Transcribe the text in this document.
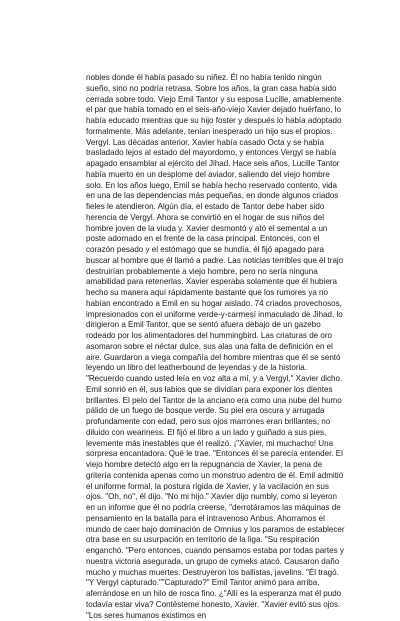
nobles donde él había pasado su niñez. Él no había tenido ningún sueño, sino no podría retrasa. Sobre los años, la gran casa había sido cerrada sobre todo. Viejo Emil Tantor y su esposa Lucille, amablemente el par que había tomado en el seis-año-viejo Xavier dejado huérfano, lo había educado mientras que su hijo foster y después lo había adoptado formalmente. Más adelante, tenían inesperado un hijo sus el propios. Vergyl. Las décadas anterior, Xavier había casado Octa y se había trasladado lejos al estado del mayordomo, y entonces Vergyl se había apagado ensamblar al ejército del Jihad. Hace seis años, Lucille Tantor había muerto en un desplome del aviador, saliendo del viejo hombre solo. En los años luego, Emil se había hecho reservado contento, vida en una de las dependencias más pequeñas, en donde algunos criados fieles le atendieron. Algún día, el estado de Tantor debe haber sido herencia de Vergyl. Ahora se convirtió en el hogar de sus niños del hombre joven de la viuda y. Xavier desmontó y ató el semental a un poste adornado en el frente de la casa principal. Entonces, con el corazón pesado y el estómago que se hundía, él fijó apagado para buscar al hombre que él llamó a padre. Las noticias terribles que él trajo destruirían probablemente a viejo hombre, pero no sería ninguna amabilidad para retenerlas. Xavier esperaba solamente que él hubiera hecho su manera aquí rápidamente bastante que los rumores ya no habían encontrado a Emil en su hogar aislado. 74 criados provechosos, impresionados con el uniforme verde-y-carmesí inmaculado de Jihad, lo dirigieron a Emil Tantor, que se sentó afuera debajo de un gazebo rodeado por los alimentadores del hummingbird. Las criaturas de oro asomaron sobre el néctar dulce, sus alas una falta de definición en el aire. Guardaron a viega compañía del hombre mientras que él se sentó leyendo un libro del leatherbound de leyendas y de la historia. "Recuerdo cuando usted leía en voz alta a mí, y a Vergyl," Xavier dicho. Emil sonrió en él, sus labios que se dividían para exponer los dientes brillantes. El pelo del Tantor de la anciano era como una nube del humo pálido de un fuego de bosque verde. Su piel era oscura y arrugada profundamente con edad, pero sus ojos marrones eran brillantes, no diluido con weariness. El fijó el libro a un lado y guiñado a sus pies, levemente más inestables que él realizó. ¡"Xavier, mi muchacho! Una sorpresa encantadora. Qué le trae. "Entonces él se parecía entender. El viejo hombre detectó algo en la repugnancia de Xavier, la pena de gritería contenida apenas como un monstruo adentro de él. Emil admitió el uniforme formal, la postura rígida de Xavier, y la vacilación en sus ojos. "Oh, no", él dijo. "No mi hijo." Xavier dijo numbly, como si leyeron en un informe que él no podría creerse, "derrotáramos las máquinas de pensamiento en la batalla para el intravenoso Anbus. Ahorramos el mundo de caer bajo dominación de Omnius y los paramos de establecer otra base en su usurpación en territorio de la liga. "Su respiración enganchó. "Pero entonces, cuando pensamos estaba por todas partes y nuestra victoria asegurada, un grupo de cymeks atacó. Causaron daño mucho y muchas muertes. Destruyeron los ballistas, javelins. "Él tragó. "Y Vergyl capturado.""Capturado?" Emil Tantor animó para arriba, aferrándose en un hilo de rosca fino. ¿"Allí es la esperanza mat él pudo todavía estar viva? Contésteme honesto, Xavier. "Xavier evitó sus ojos. "Los seres humanos existimos en
